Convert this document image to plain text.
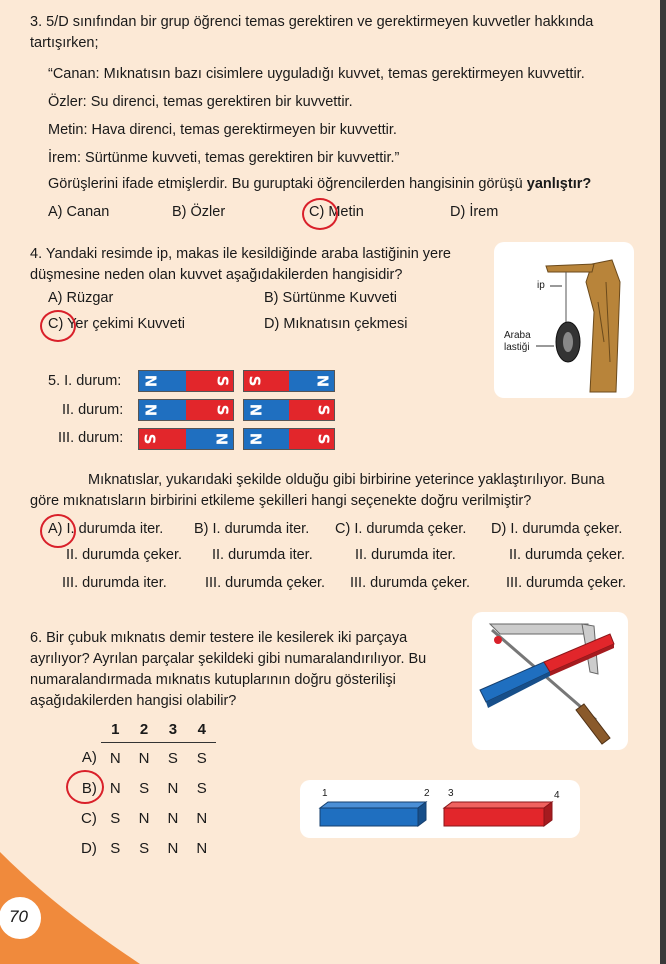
3. 5/D sınıfından bir grup öğrenci temas gerektiren ve gerektirmeyen kuvvetler hakkında tartışırken;
“Canan: Mıknatısın bazı cisimlere uyguladığı kuvvet, temas gerektirmeyen kuvvettir.
Özler: Su direnci, temas gerektiren bir kuvvettir.
Metin: Hava direnci, temas gerektirmeyen bir kuvvettir.
İrem: Sürtünme kuvveti, temas gerektiren bir kuvvettir.”
Görüşlerini ifade etmişlerdir. Bu guruptaki öğrencilerden hangisinin görüşü yanlıştır?
A) Canan	B) Özler	C) Metin	D) İrem
4. Yandaki resimde ip, makas ile kesildiğinde araba lastiğinin yere düşmesine neden olan kuvvet aşağıdakilerden hangisidir?
A) Rüzgar	B) Sürtünme Kuvveti
C) Yer çekimi Kuvveti	D) Mıknatısın çekmesi
ip
Araba
lastiği
5. I. durum:
II. durum:
III. durum:
N	S S	N
N	S N	S
S	N N	S
Mıknatıslar, yukarıdaki şekilde olduğu gibi birbirine yeterince yaklaştırılıyor. Buna göre mıknatısların birbirini etkileme şekilleri hangi seçenekte doğru verilmiştir?
A) I. durumda iter.
II. durumda çeker.
III. durumda iter.
B) I. durumda iter.
II. durumda iter.
III. durumda çeker.
C) I. durumda çeker.
II. durumda iter.
III. durumda çeker.
D) I. durumda çeker.
II. durumda çeker.
III. durumda çeker.
6. Bir çubuk mıknatıs demir testere ile kesilerek iki parçaya ayrılıyor? Ayrılan parçalar şekildeki gibi numaralandırılıyor. Bu numaralandırmada mıknatıs kutuplarının doğru gösterilişi aşağıdakilerden hangisi olabilir?
	1	2	3	4
A)	N	N	S	S
B)	N	S	N	S
C)	S	N	N	N
D)	S	S	N	N
1	2 3	4
70
